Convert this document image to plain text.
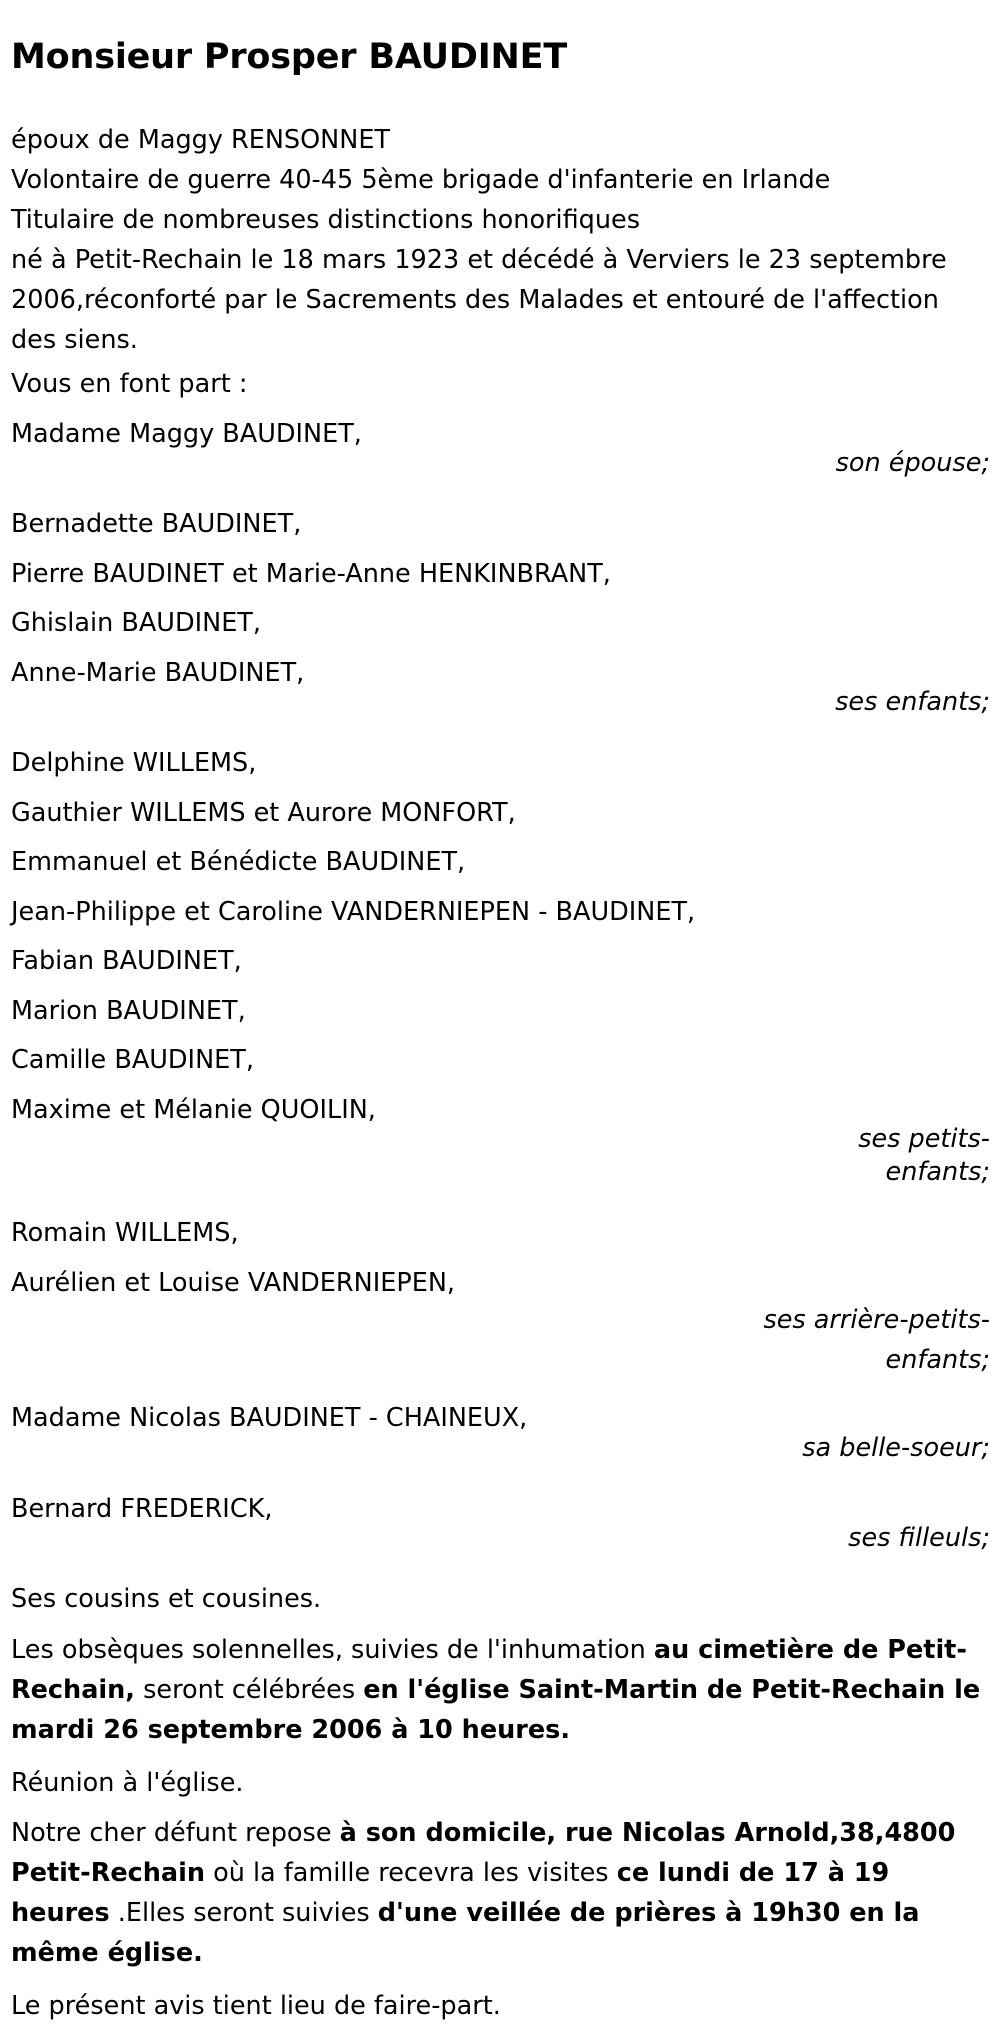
Monsieur Prosper BAUDINET
époux de Maggy RENSONNET
Volontaire de guerre 40-45 5ème brigade d'infanterie en Irlande
Titulaire de nombreuses distinctions honorifiques

né à Petit-Rechain le 18 mars 1923 et décédé à Verviers le 23 septembre 2006,réconforté par le Sacrements des Malades et entouré de l'affection des siens.

Vous en font part :
Madame Maggy BAUDINET,
son épouse;
Bernadette BAUDINET,
Pierre BAUDINET et Marie-Anne HENKINBRANT,
Ghislain BAUDINET,
Anne-Marie BAUDINET,
ses enfants;
Delphine WILLEMS,
Gauthier WILLEMS et Aurore MONFORT,
Emmanuel et Bénédicte BAUDINET,
Jean-Philippe et Caroline VANDERNIEPEN - BAUDINET,
Fabian BAUDINET,
Marion BAUDINET,
Camille BAUDINET,
Maxime et Mélanie QUOILIN,
ses petits-enfants;
Romain WILLEMS,
Aurélien et Louise VANDERNIEPEN,
ses arrière-petits-enfants;
Madame Nicolas BAUDINET - CHAINEUX,
sa belle-soeur;
Bernard FREDERICK,
ses filleuls;
Ses cousins et cousines.

Les obsèques solennelles, suivies de l'inhumation au cimetière de Petit-Rechain, seront célébrées en l'église Saint-Martin de Petit-Rechain le mardi 26 septembre 2006 à 10 heures.

Réunion à l'église.

Notre cher défunt repose à son domicile, rue Nicolas Arnold,38,4800 Petit-Rechain où la famille recevra les visites ce lundi de 17 à 19 heures .Elles seront suivies d'une veillée de prières à 19h30 en la même église.

Le présent avis tient lieu de faire-part.
